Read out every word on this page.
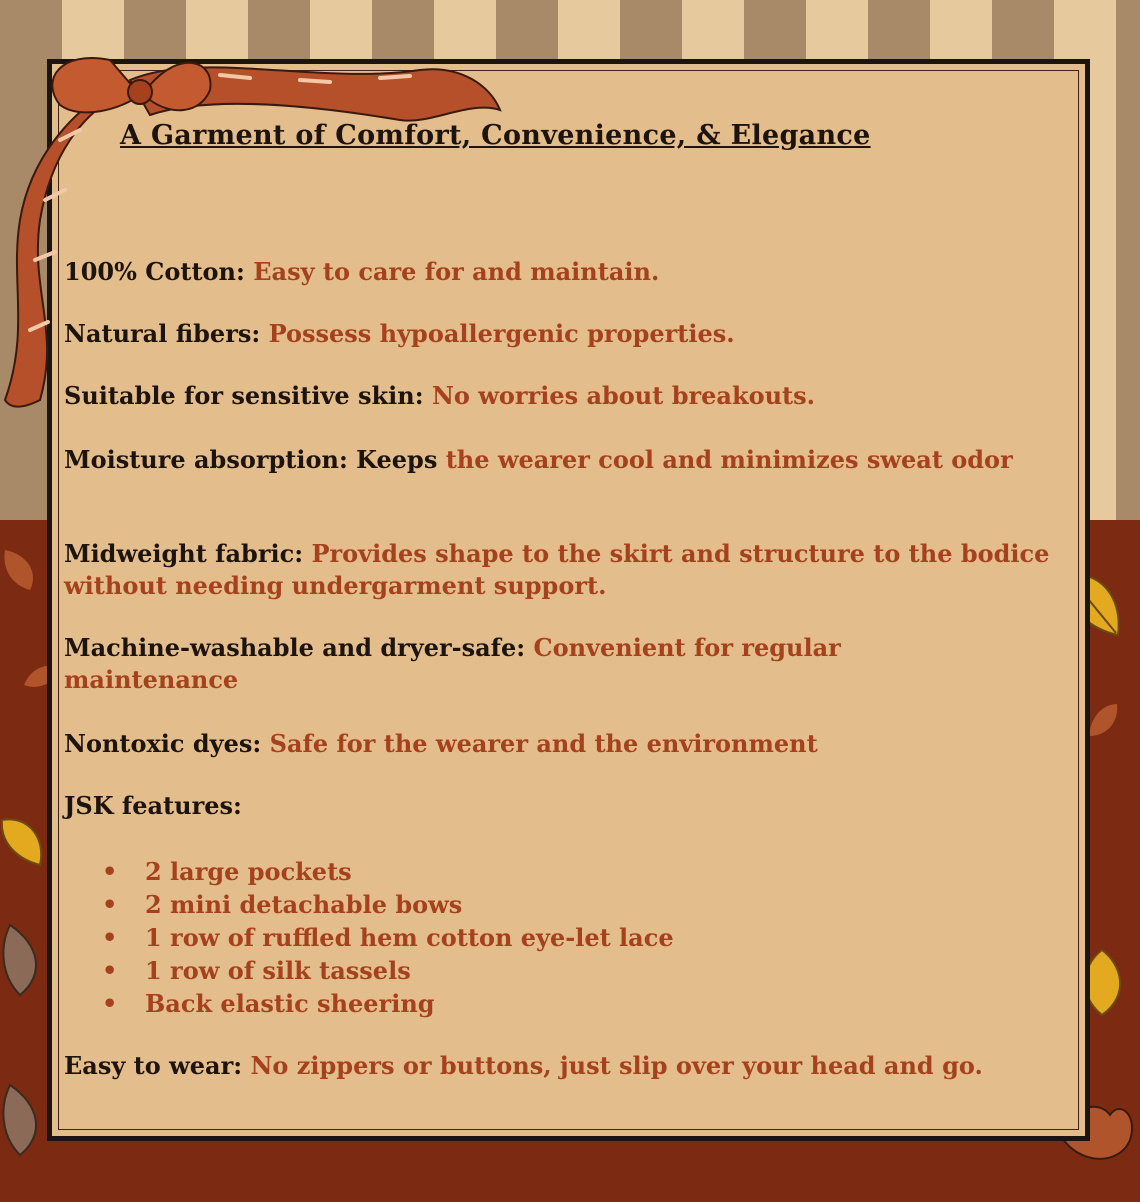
A Garment of Comfort, Convenience, & Elegance
100% Cotton: Easy to care for and maintain.
Natural fibers: Possess hypoallergenic properties.
Suitable for sensitive skin: No worries about breakouts.
Moisture absorption: Keeps the wearer cool and minimizes sweat odor
Midweight fabric: Provides shape to the skirt and structure to the bodice without needing undergarment support.
Machine-washable and dryer-safe: Convenient for regular maintenance
Nontoxic dyes: Safe for the wearer and the environment
JSK features:
• 2 large pockets
• 2 mini detachable bows
• 1 row of ruffled hem cotton eye-let lace
• 1 row of silk tassels
• Back elastic sheering
Easy to wear: No zippers or buttons, just slip over your head and go.
